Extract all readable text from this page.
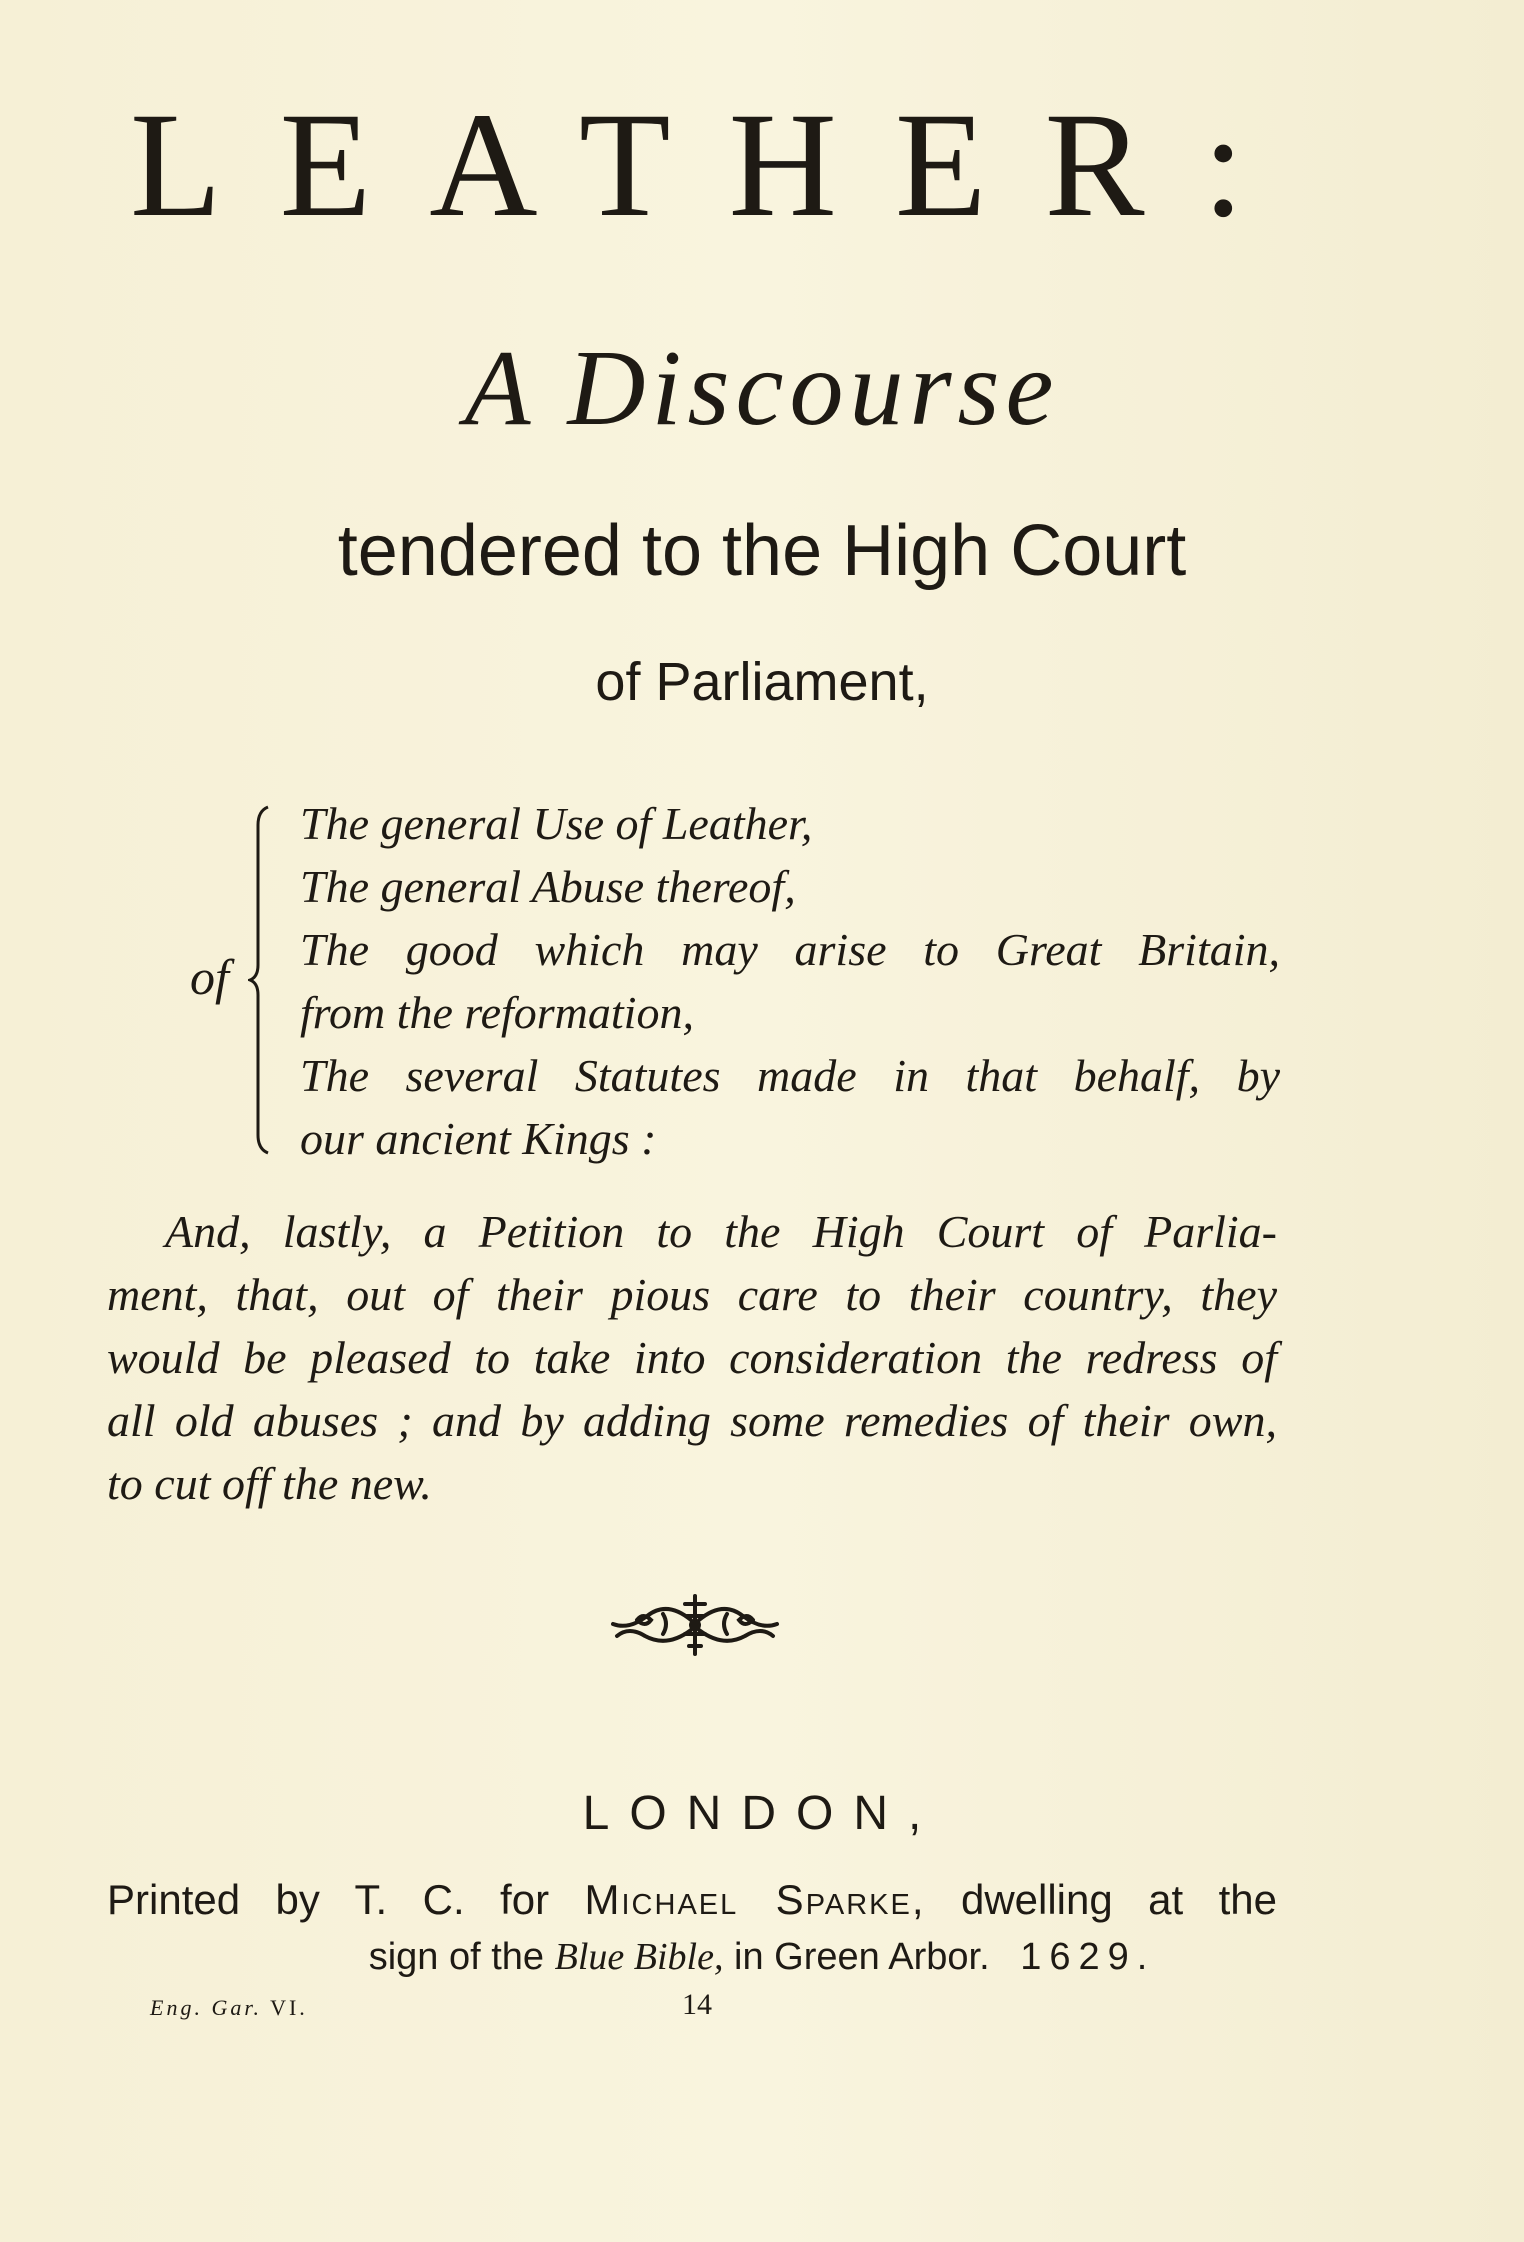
LEATHER:
A Discourse
tendered to the High Court
of Parliament,
of
The general Use of Leather,
The general Abuse thereof,
The good which may arise to Great Britain,
from the reformation,
The several Statutes made in that behalf, by
our ancient Kings :
And, lastly, a Petition to the High Court of Parlia-
ment, that, out of their pious care to their country, they
would be pleased to take into consideration the redress of
all old abuses ; and by adding some remedies of their own,
to cut off the new.
LONDON,
Printed by T. C. for Michael Sparke, dwelling at the
sign of the Blue Bible, in Green Arbor. 1629.
Eng. Gar. VI.	14
